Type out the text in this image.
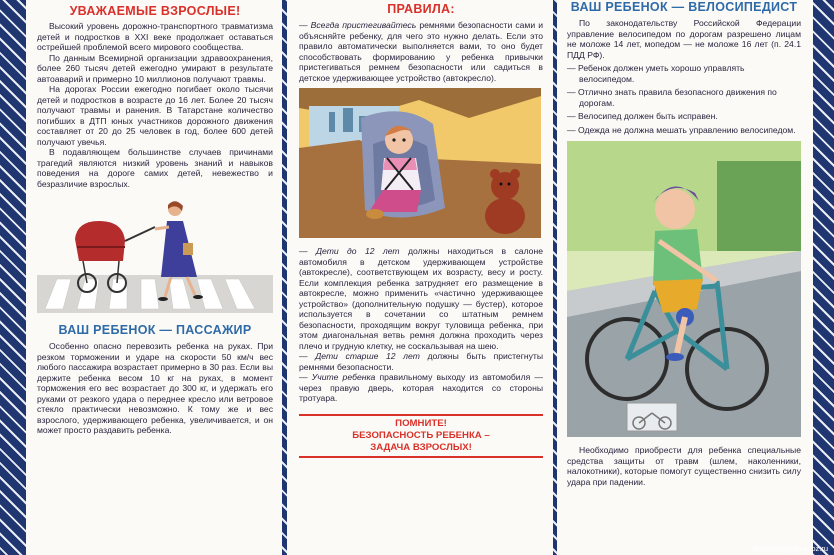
УВАЖАЕМЫЕ ВЗРОСЛЫЕ!

Высокий уровень дорожно-транспортного травматизма детей и подростков в XXI веке продолжает оставаться острейшей проблемой всего мирового сообщества.

По данным Всемирной организации здравоохранения, более 260 тысяч детей ежегодно умирают в результате автоаварий и примерно 10 миллионов получают травмы.

На дорогах России ежегодно погибает около тысячи детей и подростков в возрасте до 16 лет. Более 20 тысяч получают травмы и ранения. В Татарстане количество погибших в ДТП юных участников дорожного движения составляет от 20 до 25 человек в год, более 600 детей получают увечья.

В подавляющем большинстве случаев причинами трагедий являются низкий уровень знаний и навыков поведения на дороге самих детей, невежество и безразличие взрослых.

ВАШ РЕБЕНОК — ПАССАЖИР

Особенно опасно перевозить ребенка на руках. При резком торможении и ударе на скорости 50 км/ч вес любого пассажира возрастает примерно в 30 раз. Если вы держите ребенка весом 10 кг на руках, в момент торможения его вес возрастает до 300 кг, и удержать его руками от резкого удара о переднее кресло или ветровое стекло практически невозможно. К тому же и вес взрослого, удерживающего ребенка, увеличивается, и он может просто раздавить ребенка.

ПРАВИЛА:
— Всегда пристегивайтесь ремнями безопасности сами и объясняйте ребенку, для чего это нужно делать. Если это правило автоматически выполняется вами, то оно будет способствовать формированию у ребенка привычки пристегиваться ремнем безопасности или садиться в детское удерживающее устройство (автокресло).
— Дети до 12 лет должны находиться в салоне автомобиля в детском удерживающем устройстве (автокресле), соответствующем их возрасту, весу и росту. Если комплекция ребенка затрудняет его размещение в автокресле, можно применить «частично удерживающее устройство» (дополнительную подушку — бустер), которое используется в сочетании со штатным ремнем безопасности, проходящим вокруг туловища ребенка, при этом диагональная ветвь ремня должна проходить через плечо и грудную клетку, не соскальзывая на шею.
— Дети старше 12 лет должны быть пристегнуты ремнями безопасности.
— Учите ребенка правильному выходу из автомобиля — через правую дверь, которая находится со стороны тротуара.
ПОМНИТЕ!
БЕЗОПАСНОСТЬ РЕБЕНКА –
ЗАДАЧА ВЗРОСЛЫХ!
ВАШ РЕБЕНОК — ВЕЛОСИПЕДИСТ

По законодательству Российской Федерации управление велосипедом по дорогам разрешено лицам не моложе 14 лет, мопедом — не моложе 16 лет (п. 24.1 ПДД РФ).

— Ребенок должен уметь хорошо управлять велосипедом.
— Отлично знать правила безопасного движения по дорогам.
— Велосипед должен быть исправен.
— Одежда не должна мешать управлению велосипедом.

Необходимо приобрести для ребенка специальные средства защиты от травм (шлем, наколенники, налокотники), которые помогут существенно снизить силу удара при падении.

school3kurgan.ucoz.ru
